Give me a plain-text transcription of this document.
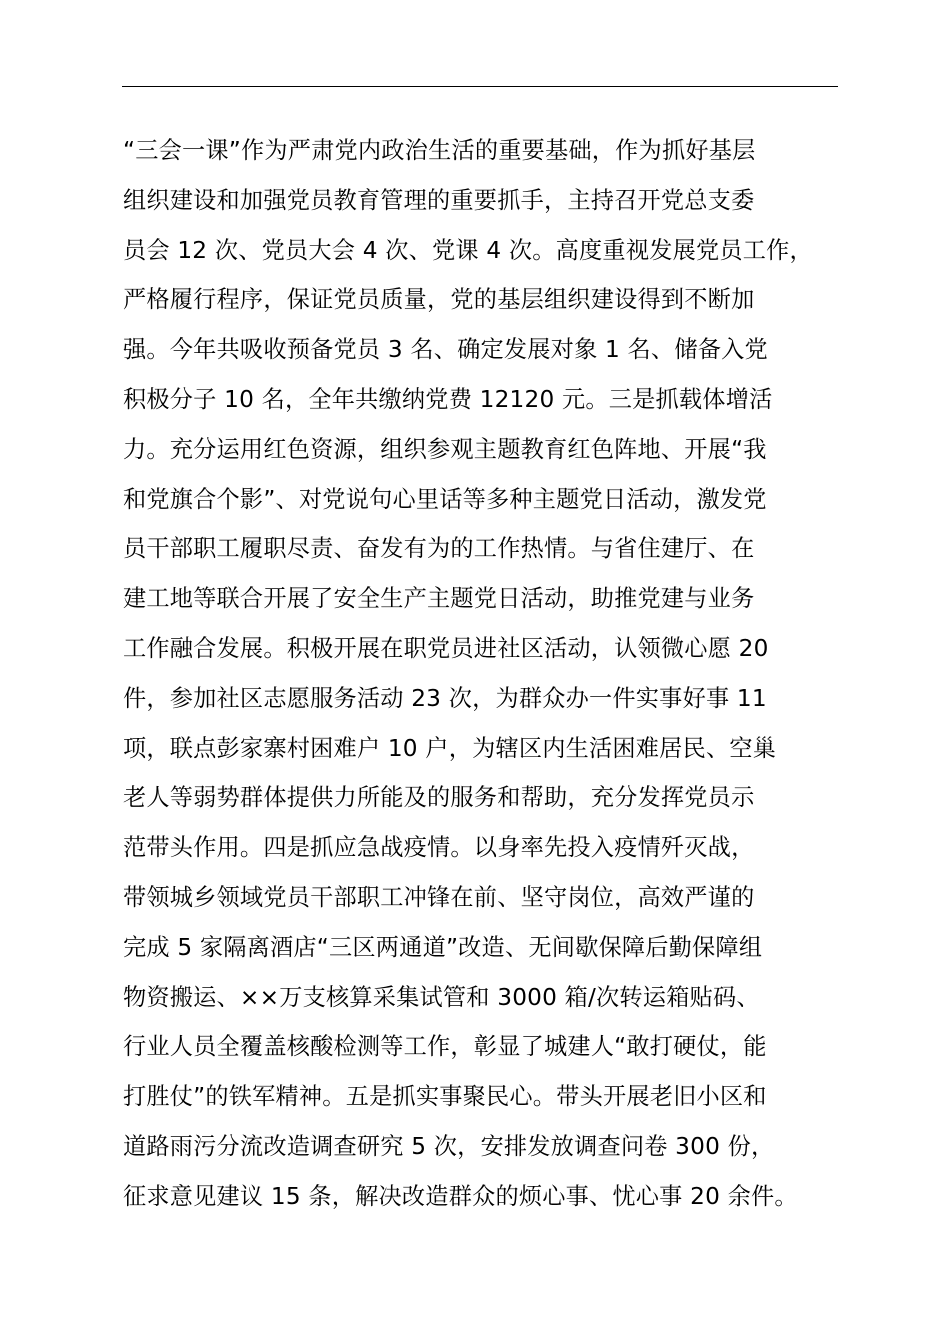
“三会一课”作为严肃党内政治生活的重要基础，作为抓好基层
组织建设和加强党员教育管理的重要抓手，主持召开党总支委
员会 12 次、党员大会 4 次、党课 4 次。高度重视发展党员工作，
严格履行程序，保证党员质量，党的基层组织建设得到不断加
强。今年共吸收预备党员 3 名、确定发展对象 1 名、储备入党
积极分子 10 名，全年共缴纳党费 12120 元。三是抓载体增活
力。充分运用红色资源，组织参观主题教育红色阵地、开展“我
和党旗合个影”、对党说句心里话等多种主题党日活动，激发党
员干部职工履职尽责、奋发有为的工作热情。与省住建厅、在
建工地等联合开展了安全生产主题党日活动，助推党建与业务
工作融合发展。积极开展在职党员进社区活动，认领微心愿 20
件，参加社区志愿服务活动 23 次，为群众办一件实事好事 11
项，联点彭家寨村困难户 10 户，为辖区内生活困难居民、空巢
老人等弱势群体提供力所能及的服务和帮助，充分发挥党员示
范带头作用。四是抓应急战疫情。以身率先投入疫情歼灭战，
带领城乡领域党员干部职工冲锋在前、坚守岗位，高效严谨的
完成 5 家隔离酒店“三区两通道”改造、无间歇保障后勤保障组
物资搬运、××万支核算采集试管和 3000 箱/次转运箱贴码、
行业人员全覆盖核酸检测等工作，彰显了城建人“敢打硬仗，能
打胜仗”的铁军精神。五是抓实事聚民心。带头开展老旧小区和
道路雨污分流改造调查研究 5 次，安排发放调查问卷 300 份，
征求意见建议 15 条，解决改造群众的烦心事、忧心事 20 余件。
